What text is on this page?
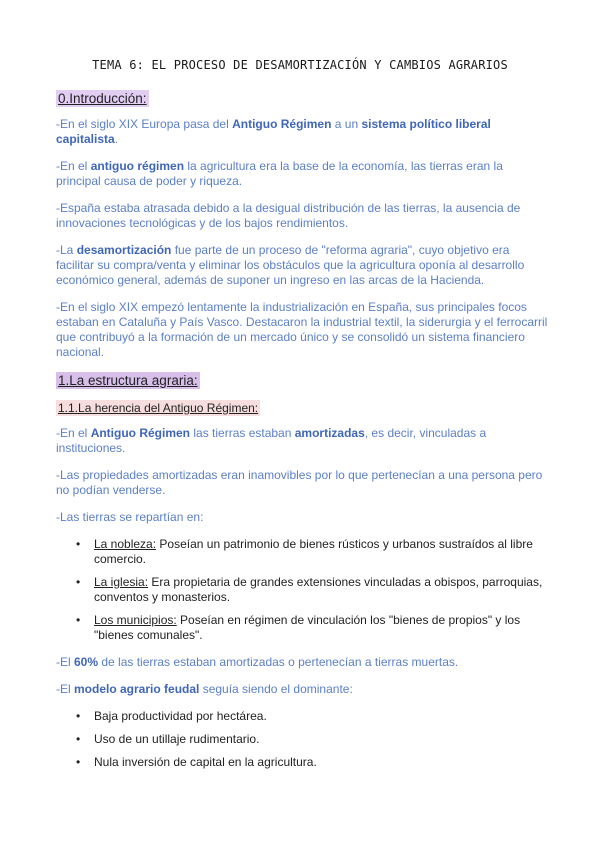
TEMA 6: EL PROCESO DE DESAMORTIZACIÓN Y CAMBIOS AGRARIOS
0.Introducción:

-En el siglo XIX Europa pasa del Antiguo Régimen a un sistema político liberal capitalista.

-En el antiguo régimen la agricultura era la base de la economía, las tierras eran la principal causa de poder y riqueza.

-España estaba atrasada debido a la desigual distribución de las tierras, la ausencia de innovaciones tecnológicas y de los bajos rendimientos.

-La desamortización fue parte de un proceso de "reforma agraria", cuyo objetivo era facilitar su compra/venta y eliminar los obstáculos que la agricultura oponía al desarrollo económico general, además de suponer un ingreso en las arcas de la Hacienda.

-En el siglo XIX empezó lentamente la industrialización en España, sus principales focos estaban en Cataluña y País Vasco. Destacaron la industrial textil, la siderurgia y el ferrocarril que contribuyó a la formación de un mercado único y se consolidó un sistema financiero nacional.

1.La estructura agraria:
1.1.La herencia del Antiguo Régimen:

-En el Antiguo Régimen las tierras estaban amortizadas, es decir, vinculadas a instituciones.

-Las propiedades amortizadas eran inamovibles por lo que pertenecían a una persona pero no podían venderse.

-Las tierras se repartían en:

• La nobleza: Poseían un patrimonio de bienes rústicos y urbanos sustraídos al libre comercio.
• La iglesia: Era propietaria de grandes extensiones vinculadas a obispos, parroquias, conventos y monasterios.
• Los municipios: Poseían en régimen de vinculación los "bienes de propios" y los "bienes comunales".

-El 60% de las tierras estaban amortizadas o pertenecían a tierras muertas.

-El modelo agrario feudal seguía siendo el dominante:

• Baja productividad por hectárea.
• Uso de un utillaje rudimentario.
• Nula inversión de capital en la agricultura.
